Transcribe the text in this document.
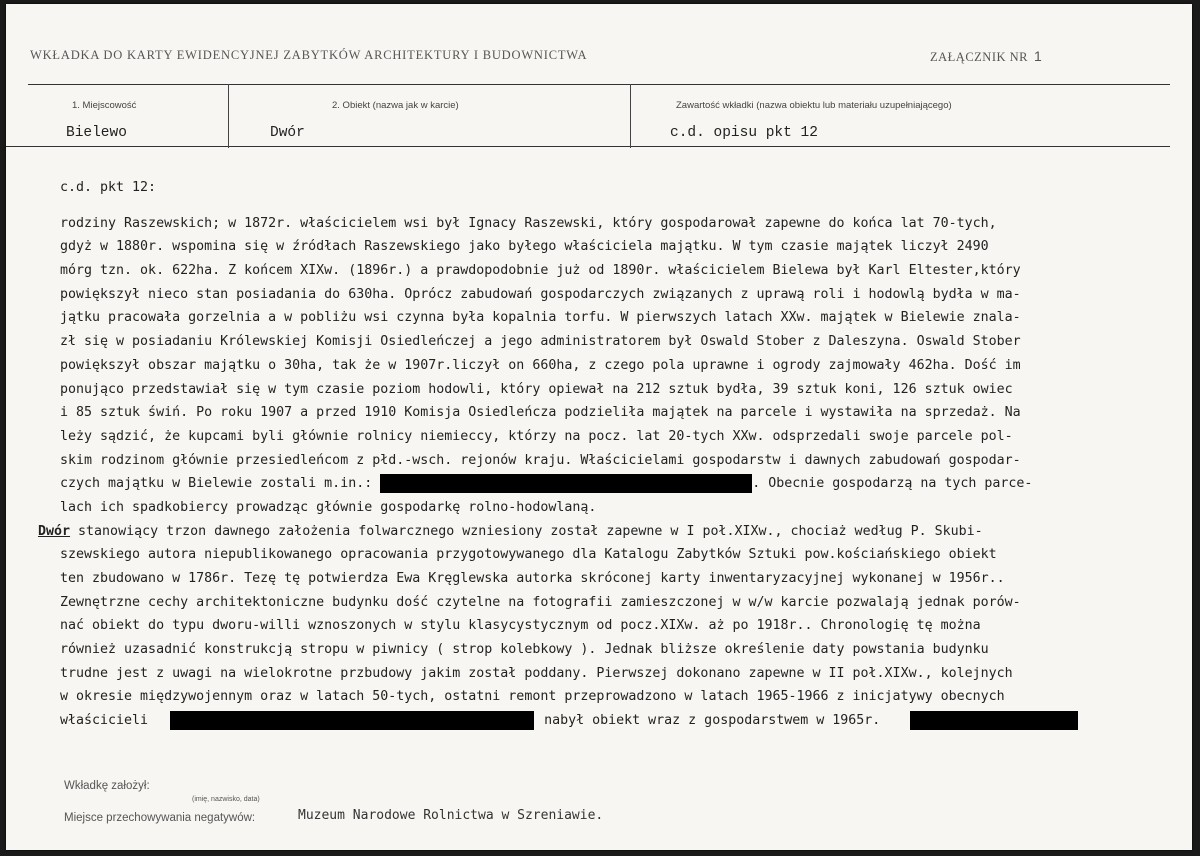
WKŁADKA DO KARTY EWIDENCYJNEJ ZABYTKÓW ARCHITEKTURY I BUDOWNICTWA	ZAŁĄCZNIK NR 1
1. Miejscowość	2. Obiekt (nazwa jak w karcie)	Zawartość wkładki (nazwa obiektu lub materiału uzupełniającego)
Bielewo	Dwór	c.d. opisu pkt 12
c.d. pkt 12:
rodziny Raszewskich; w 1872r. właścicielem wsi był Ignacy Raszewski, który gospodarował zapewne do końca lat 70-tych,
gdyż w 1880r. wspomina się w źródłach Raszewskiego jako byłego właściciela majątku. W tym czasie majątek liczył 2490
mórg tzn. ok. 622ha. Z końcem XIXw. (1896r.) a prawdopodobnie już od 1890r. właścicielem Bielewa był Karl Eltester,który
powiększył nieco stan posiadania do 630ha. Oprócz zabudowań gospodarczych związanych z uprawą roli i hodowlą bydła w ma-
jątku pracowała gorzelnia a w pobliżu wsi czynna była kopalnia torfu. W pierwszych latach XXw. majątek w Bielewie znala-
zł się w posiadaniu Królewskiej Komisji Osiedleńczej a jego administratorem był Oswald Stober z Daleszyna. Oswald Stober
powiększył obszar majątku o 30ha, tak że w 1907r.liczył on 660ha, z czego pola uprawne i ogrody zajmowały 462ha. Dość im
ponująco przedstawiał się w tym czasie poziom hodowli, który opiewał na 212 sztuk bydła, 39 sztuk koni, 126 sztuk owiec
i 85 sztuk świń. Po roku 1907 a przed 1910 Komisja Osiedleńcza podzieliła majątek na parcele i wystawiła na sprzedaż. Na
leży sądzić, że kupcami byli głównie rolnicy niemieccy, którzy na pocz. lat 20-tych XXw. odsprzedali swoje parcele pol-
skim rodzinom głównie przesiedleńcom z płd.-wsch. rejonów kraju. Właścicielami gospodarstw i dawnych zabudowań gospodar-
czych majątku w Bielewie zostali m.in.:	. Obecnie gospodarzą na tych parce-
lach ich spadkobiercy prowadząc głównie gospodarkę rolno-hodowlaną.
Dwór stanowiący trzon dawnego założenia folwarcznego wzniesiony został zapewne w I poł.XIXw., chociaż według P. Skubi-
szewskiego autora niepublikowanego opracowania przygotowywanego dla Katalogu Zabytków Sztuki pow.kościańskiego obiekt
ten zbudowano w 1786r. Tezę tę potwierdza Ewa Kręglewska autorka skróconej karty inwentaryzacyjnej wykonanej w 1956r..
Zewnętrzne cechy architektoniczne budynku dość czytelne na fotografii zamieszczonej w w/w karcie pozwalają jednak porów-
nać obiekt do typu dworu-willi wznoszonych w stylu klasycystycznym od pocz.XIXw. aż po 1918r.. Chronologię tę można
również uzasadnić konstrukcją stropu w piwnicy ( strop kolebkowy ). Jednak bliższe określenie daty powstania budynku
trudne jest z uwagi na wielokrotne przbudowy jakim został poddany. Pierwszej dokonano zapewne w II poł.XIXw., kolejnych
w okresie międzywojennym oraz w latach 50-tych, ostatni remont przeprowadzono w latach 1965-1966 z inicjatywy obecnych
właścicieli	nabył obiekt wraz z gospodarstwem w 1965r.
Wkładkę założył:
(imię, nazwisko, data)
Miejsce przechowywania negatywów:	Muzeum Narodowe Rolnictwa w Szreniawie.
